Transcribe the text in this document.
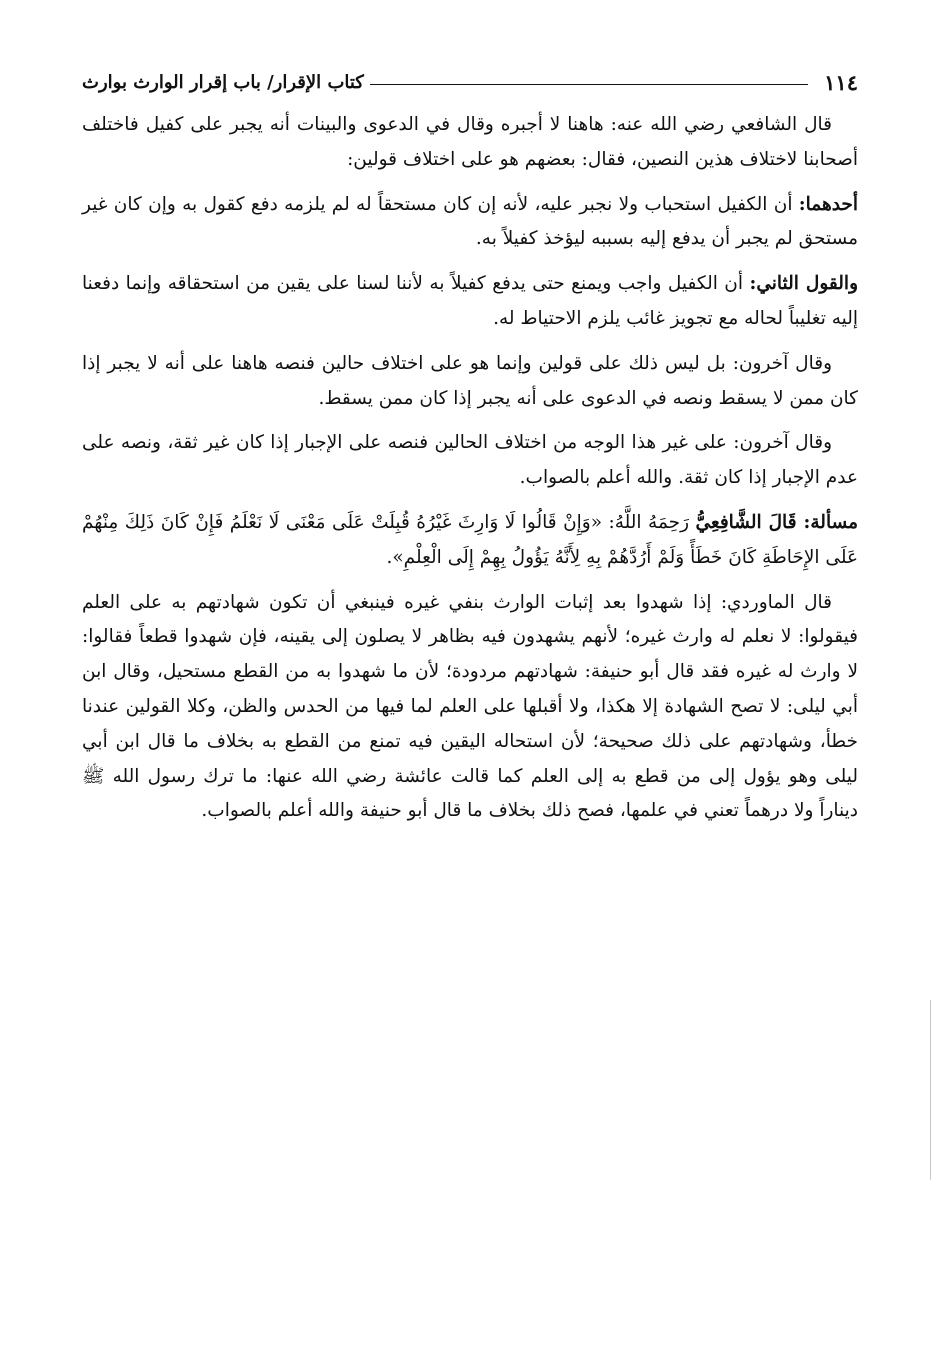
١١٤
كتاب الإقرار/ باب إقرار الوارث بوارث

قال الشافعي رضي الله عنه: هاهنا لا أجبره وقال في الدعوى والبينات أنه يجبر على كفيل فاختلف أصحابنا لاختلاف هذين النصين، فقال: بعضهم هو على اختلاف قولين:

أحدهما: أن الكفيل استحباب ولا نجبر عليه، لأنه إن كان مستحقاً له لم يلزمه دفع كقول به وإن كان غير مستحق لم يجبر أن يدفع إليه بسببه ليؤخذ كفيلاً به.

والقول الثاني: أن الكفيل واجب ويمنع حتى يدفع كفيلاً به لأننا لسنا على يقين من استحقاقه وإنما دفعنا إليه تغليباً لحاله مع تجويز غائب يلزم الاحتياط له.

وقال آخرون: بل ليس ذلك على قولين وإنما هو على اختلاف حالين فنصه هاهنا على أنه لا يجبر إذا كان ممن لا يسقط ونصه في الدعوى على أنه يجبر إذا كان ممن يسقط.

وقال آخرون: على غير هذا الوجه من اختلاف الحالين فنصه على الإجبار إذا كان غير ثقة، ونصه على عدم الإجبار إذا كان ثقة. والله أعلم بالصواب.

مسألة: قَالَ الشَّافِعِيُّ رَحِمَهُ اللَّهُ: «وَإِنْ قَالُوا لَا وَارِثَ غَيْرُهُ قُبِلَتْ عَلَى مَعْنَى لَا نَعْلَمُ فَإِنْ كَانَ ذَلِكَ مِنْهُمْ عَلَى الإِحَاطَةِ كَانَ خَطَأً وَلَمْ أَرُدَّهُمْ بِهِ لِأَنَّهُ يَؤُولُ بِهِمْ إِلَى الْعِلْمِ».

قال الماوردي: إذا شهدوا بعد إثبات الوارث بنفي غيره فينبغي أن تكون شهادتهم به على العلم فيقولوا: لا نعلم له وارث غيره؛ لأنهم يشهدون فيه بظاهر لا يصلون إلى يقينه، فإن شهدوا قطعاً فقالوا: لا وارث له غيره فقد قال أبو حنيفة: شهادتهم مردودة؛ لأن ما شهدوا به من القطع مستحيل، وقال ابن أبي ليلى: لا تصح الشهادة إلا هكذا، ولا أقبلها على العلم لما فيها من الحدس والظن، وكلا القولين عندنا خطأ، وشهادتهم على ذلك صحيحة؛ لأن استحاله اليقين فيه تمنع من القطع به بخلاف ما قال ابن أبي ليلى وهو يؤول إلى من قطع به إلى العلم كما قالت عائشة رضي الله عنها: ما ترك رسول الله ﷺ ديناراً ولا درهماً تعني في علمها، فصح ذلك بخلاف ما قال أبو حنيفة والله أعلم بالصواب.
